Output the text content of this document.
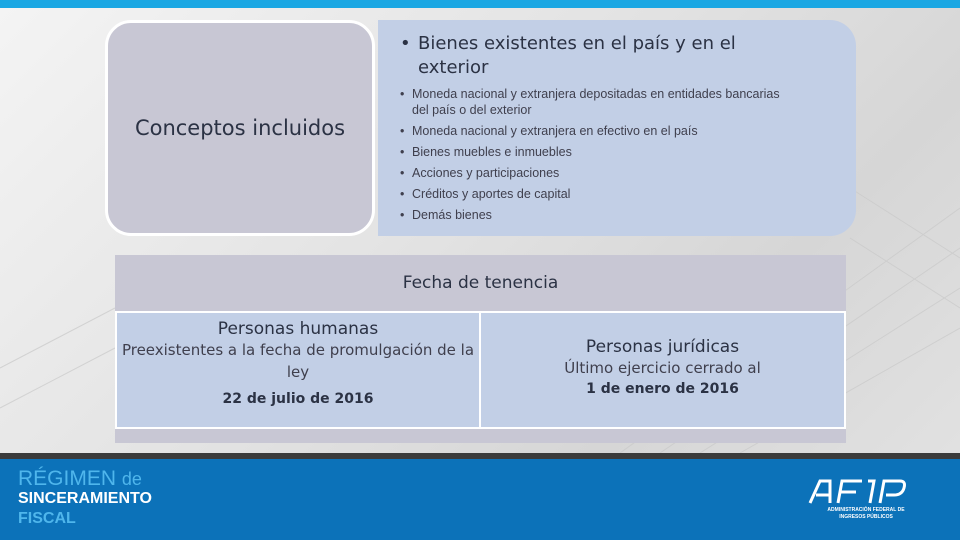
Conceptos incluidos
• Bienes existentes en el país y en el exterior
• Moneda nacional y extranjera depositadas en entidades bancarias del país o del exterior
• Moneda nacional y extranjera en efectivo en el país
• Bienes muebles e inmuebles
• Acciones y participaciones
• Créditos y aportes de capital
• Demás bienes
Fecha de tenencia
Personas humanas
Preexistentes a la fecha de promulgación de la ley
22 de julio de 2016
Personas jurídicas
Último ejercicio cerrado al
1 de enero de 2016
RÉGIMEN de
SINCERAMIENTO
FISCAL	ADMINISTRACIÓN FEDERAL DE
INGRESOS PÚBLICOS
